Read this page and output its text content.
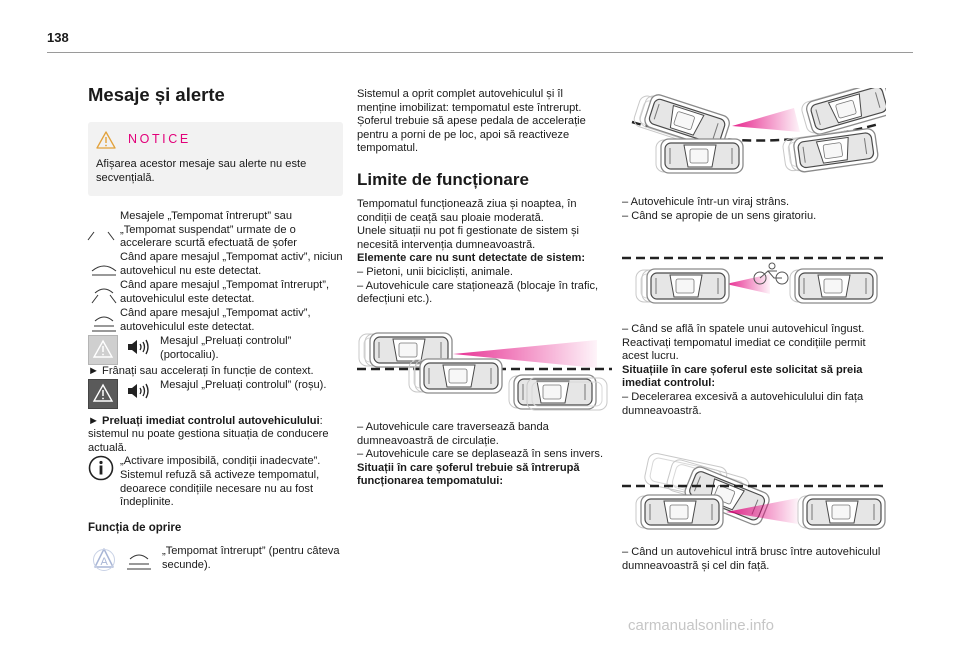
138
Mesaje și alerte
NOTICE

Afișarea acestor mesaje sau alerte nu este secvențială.

Mesajele „Tempomat întrerupt” sau „Tempomat suspendat” urmate de o accelerare scurtă efectuată de șofer

Când apare mesajul „Tempomat activ”, niciun autovehicul nu este detectat.

Când apare mesajul „Tempomat întrerupt”, autovehiculul este detectat.

Când apare mesajul „Tempomat activ”, autovehiculul este detectat.

Mesajul „Preluați controlul” (portocaliu).

► Frânați sau accelerați în funcție de context.

Mesajul „Preluați controlul” (roșu).

► Preluați imediat controlul autovehiculului: sistemul nu poate gestiona situația de conducere actuală.

„Activare imposibilă, condiții inadecvate”. Sistemul refuză să activeze tempomatul, deoarece condițiile necesare nu au fost îndeplinite.

Funcția de oprire

A

„Tempomat întrerupt” (pentru câteva secunde).

Sistemul a oprit complet autovehiculul și îl menține imobilizat: tempomatul este întrerupt. Șoferul trebuie să apese pedala de accelerație pentru a porni de pe loc, apoi să reactiveze tempomatul.

Limite de funcționare

Tempomatul funcționează ziua și noaptea, în condiții de ceață sau ploaie moderată.

Unele situații nu pot fi gestionate de sistem și necesită intervenția dumneavoastră.

Elemente care nu sunt detectate de sistem:

– Pietoni, unii bicicliști, animale.

– Autovehicule care staționează (blocaje în trafic, defecțiuni etc.).

– Autovehicule care traversează banda dumneavoastră de circulație.

– Autovehicule care se deplasează în sens invers.

Situații în care șoferul trebuie să întrerupă funcționarea tempomatului:

– Autovehicule într-un viraj strâns.

– Când se apropie de un sens giratoriu.

– Când se află în spatele unui autovehicul îngust.

Reactivați tempomatul imediat ce condițiile permit acest lucru.

Situațiile în care șoferul este solicitat să preia imediat controlul:

– Decelerarea excesivă a autovehiculului din fața dumneavoastră.

– Când un autovehicul intră brusc între autovehiculul dumneavoastră și cel din față.

carmanualsonline.info
